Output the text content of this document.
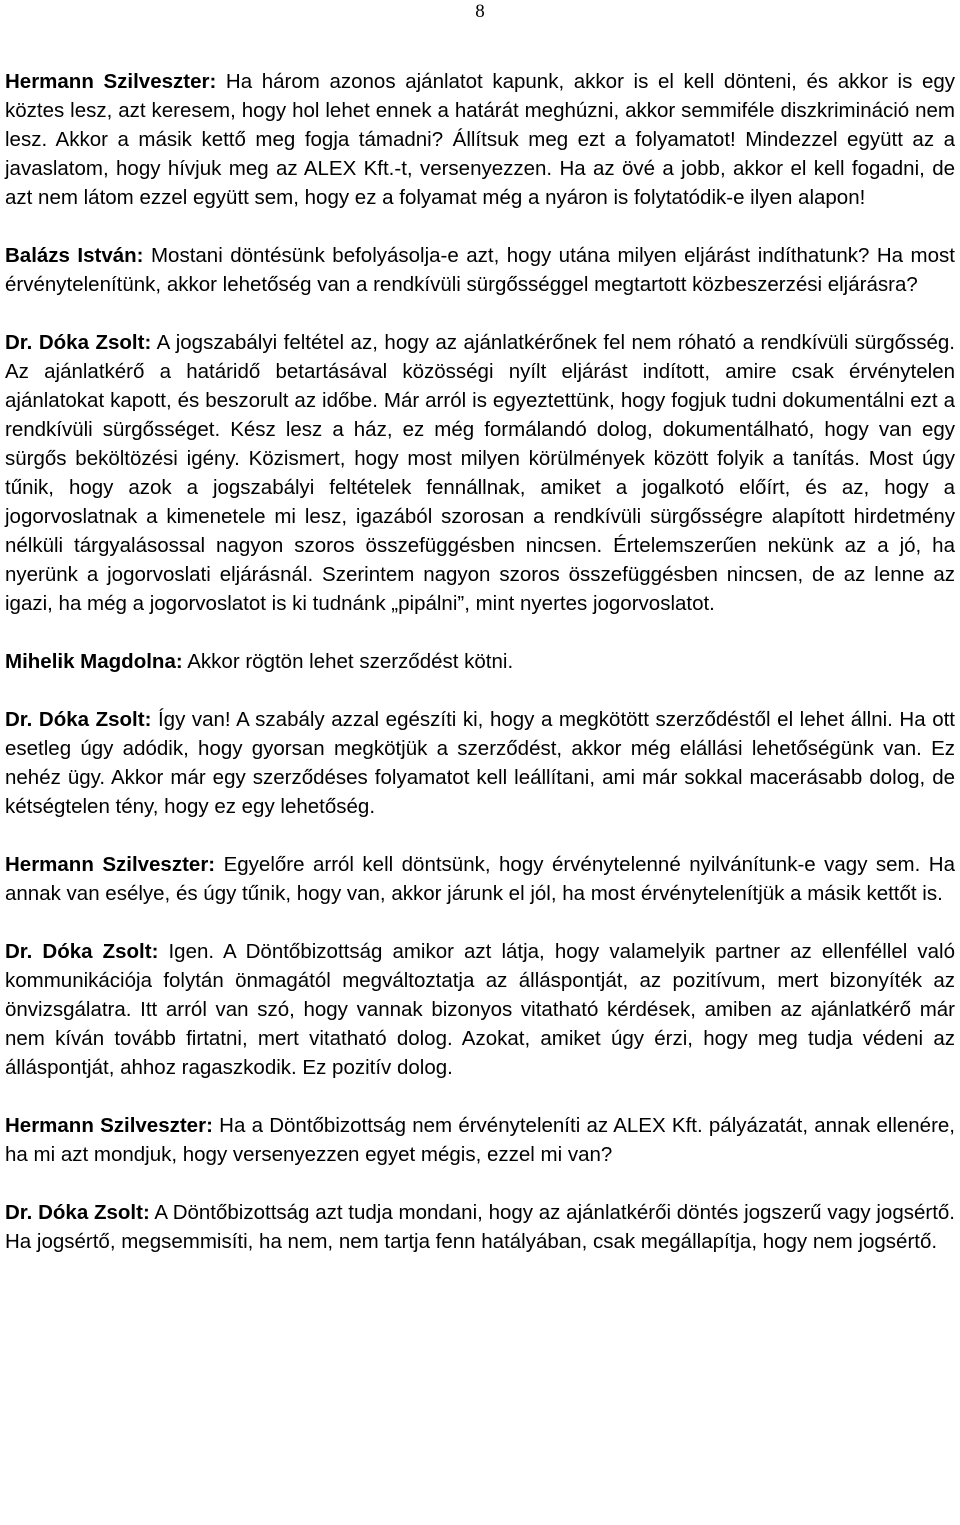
8

Hermann Szilveszter: Ha három azonos ajánlatot kapunk, akkor is el kell dönteni, és akkor is egy köztes lesz, azt keresem, hogy hol lehet ennek a határát meghúzni, akkor semmiféle diszkrimináció nem lesz. Akkor a másik kettő meg fogja támadni? Állítsuk meg ezt a folyamatot! Mindezzel együtt az a javaslatom, hogy hívjuk meg az ALEX Kft.-t, versenyezzen. Ha az övé a jobb, akkor el kell fogadni, de azt nem látom ezzel együtt sem, hogy ez a folyamat még a nyáron is folytatódik-e ilyen alapon!

Balázs István: Mostani döntésünk befolyásolja-e azt, hogy utána milyen eljárást indíthatunk? Ha most érvénytelenítünk, akkor lehetőség van a rendkívüli sürgősséggel megtartott közbeszerzési eljárásra?

Dr. Dóka Zsolt: A jogszabályi feltétel az, hogy az ajánlatkérőnek fel nem róható a rendkívüli sürgősség. Az ajánlatkérő a határidő betartásával közösségi nyílt eljárást indított, amire csak érvénytelen ajánlatokat kapott, és beszorult az időbe. Már arról is egyeztettünk, hogy fogjuk tudni dokumentálni ezt a rendkívüli sürgősséget. Kész lesz a ház, ez még formálandó dolog, dokumentálható, hogy van egy sürgős beköltözési igény. Közismert, hogy most milyen körülmények között folyik a tanítás. Most úgy tűnik, hogy azok a jogszabályi feltételek fennállnak, amiket a jogalkotó előírt, és az, hogy a jogorvoslatnak a kimenetele mi lesz, igazából szorosan a rendkívüli sürgősségre alapított hirdetmény nélküli tárgyalásossal nagyon szoros összefüggésben nincsen. Értelemszerűen nekünk az a jó, ha nyerünk a jogorvoslati eljárásnál. Szerintem nagyon szoros összefüggésben nincsen, de az lenne az igazi, ha még a jogorvoslatot is ki tudnánk „pipálni”, mint nyertes jogorvoslatot.

Mihelik Magdolna: Akkor rögtön lehet szerződést kötni.

Dr. Dóka Zsolt: Így van! A szabály azzal egészíti ki, hogy a megkötött szerződéstől el lehet állni. Ha ott esetleg úgy adódik, hogy gyorsan megkötjük a szerződést, akkor még elállási lehetőségünk van. Ez nehéz ügy. Akkor már egy szerződéses folyamatot kell leállítani, ami már sokkal macerásabb dolog, de kétségtelen tény, hogy ez egy lehetőség.

Hermann Szilveszter: Egyelőre arról kell döntsünk, hogy érvénytelenné nyilvánítunk-e vagy sem. Ha annak van esélye, és úgy tűnik, hogy van, akkor járunk el jól, ha most érvénytelenítjük a másik kettőt is.

Dr. Dóka Zsolt: Igen. A Döntőbizottság amikor azt látja, hogy valamelyik partner az ellenféllel való kommunikációja folytán önmagától megváltoztatja az álláspontját, az pozitívum, mert bizonyíték az önvizsgálatra. Itt arról van szó, hogy vannak bizonyos vitatható kérdések, amiben az ajánlatkérő már nem kíván tovább firtatni, mert vitatható dolog. Azokat, amiket úgy érzi, hogy meg tudja védeni az álláspontját, ahhoz ragaszkodik. Ez pozitív dolog.

Hermann Szilveszter: Ha a Döntőbizottság nem érvényteleníti az ALEX Kft. pályázatát, annak ellenére, ha mi azt mondjuk, hogy versenyezzen egyet mégis, ezzel mi van?

Dr. Dóka Zsolt: A Döntőbizottság azt tudja mondani, hogy az ajánlatkérői döntés jogszerű vagy jogsértő. Ha jogsértő, megsemmisíti, ha nem, nem tartja fenn hatályában, csak megállapítja, hogy nem jogsértő.
